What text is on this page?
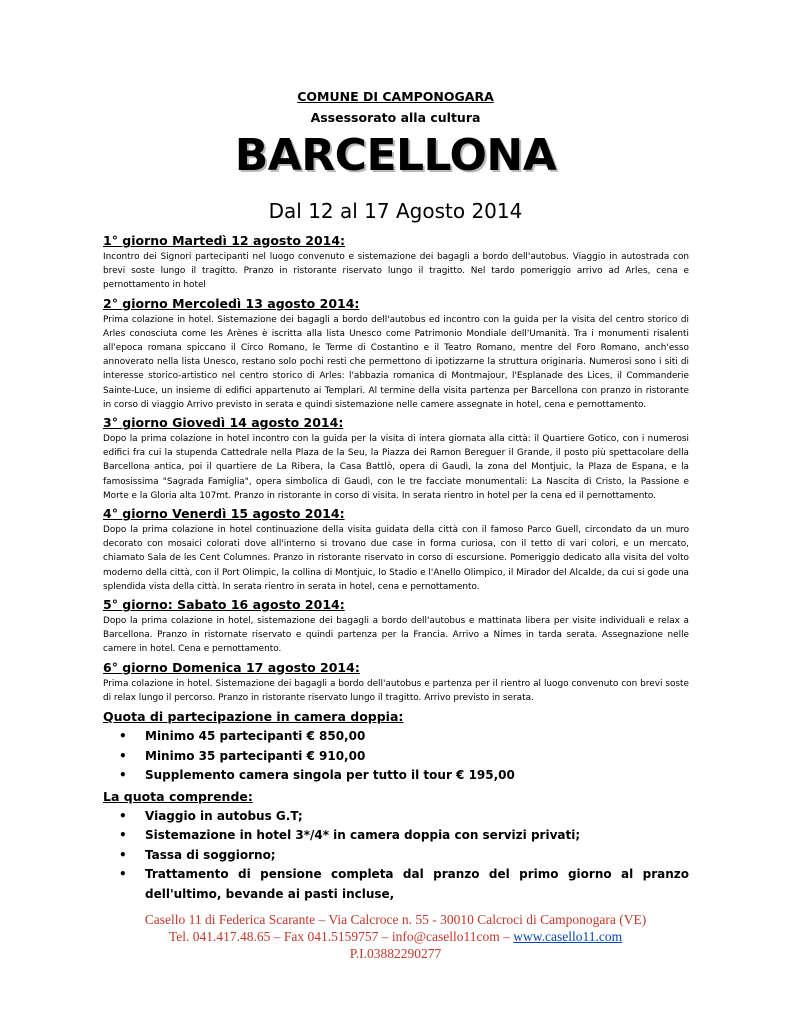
COMUNE DI CAMPONOGARA
Assessorato alla cultura
BARCELLONA
Dal 12 al 17 Agosto 2014
1° giorno Martedì 12 agosto 2014:
Incontro dei Signori partecipanti nel luogo convenuto e sistemazione dei bagagli a bordo dell'autobus. Viaggio in autostrada con brevi soste lungo il tragitto. Pranzo in ristorante riservato lungo il tragitto. Nel tardo pomeriggio arrivo ad Arles, cena e pernottamento in hotel
2° giorno Mercoledì 13 agosto 2014:
Prima colazione in hotel. Sistemazione dei bagagli a bordo dell'autobus ed incontro con la guida per la visita del centro storico di Arles conosciuta come les Arènes è iscritta alla lista Unesco come Patrimonio Mondiale dell'Umanità. Tra i monumenti risalenti all'epoca romana spiccano il Circo Romano, le Terme di Costantino e il Teatro Romano, mentre del Foro Romano, anch'esso annoverato nella lista Unesco, restano solo pochi resti che permettono di ipotizzarne la struttura originaria. Numerosi sono i siti di interesse storico-artistico nel centro storico di Arles: l'abbazia romanica di Montmajour, l'Esplanade des Lices, il Commanderie Sainte-Luce, un insieme di edifici appartenuto ai Templari. Al termine della visita partenza per Barcellona con pranzo in ristorante in corso di viaggio Arrivo previsto in serata e quindi sistemazione nelle camere assegnate in hotel, cena e pernottamento.
3° giorno Giovedì 14 agosto 2014:
Dopo la prima colazione in hotel incontro con la guida per la visita di intera giornata alla città: il Quartiere Gotico, con i numerosi edifici fra cui la stupenda Cattedrale nella Plaza de la Seu, la Piazza dei Ramon Bereguer il Grande, il posto più spettacolare della Barcellona antica, poi il quartiere de La Ribera, la Casa Battlò, opera di Gaudì, la zona del Montjuic, la Plaza de Espana, e la famosissima "Sagrada Famiglia", opera simbolica di Gaudì, con le tre facciate monumentali: La Nascita di Cristo, la Passione e Morte e la Gloria alta 107mt. Pranzo in ristorante in corso di visita. In serata rientro in hotel per la cena ed il pernottamento.
4° giorno Venerdì 15 agosto 2014:
Dopo la prima colazione in hotel continuazione della visita guidata della città con il famoso Parco Guell, circondato da un muro decorato con mosaici colorati dove all'interno si trovano due case in forma curiosa, con il tetto di vari colori, e un mercato, chiamato Sala de les Cent Columnes. Pranzo in ristorante riservato in corso di escursione. Pomeriggio dedicato alla visita del volto moderno della città, con il Port Olimpic, la collina di Montjuic, lo Stadio e l'Anello Olimpico, il Mirador del Alcalde, da cui si gode una splendida vista della città. In serata rientro in serata in hotel, cena e pernottamento.
5° giorno: Sabato 16 agosto 2014:
Dopo la prima colazione in hotel, sistemazione dei bagagli a bordo dell'autobus e mattinata libera per visite individuali e relax a Barcellona. Pranzo in ristornate riservato e quindi partenza per la Francia. Arrivo a Nimes in tarda serata. Assegnazione nelle camere in hotel. Cena e pernottamento.
6° giorno Domenica 17 agosto 2014:
Prima colazione in hotel. Sistemazione dei bagagli a bordo dell'autobus e partenza per il rientro al luogo convenuto con brevi soste di relax lungo il percorso. Pranzo in ristorante riservato lungo il tragitto. Arrivo previsto in serata.
Quota di partecipazione in camera doppia:
• Minimo 45 partecipanti € 850,00
• Minimo 35 partecipanti € 910,00
• Supplemento camera singola per tutto il tour € 195,00
La quota comprende:
• Viaggio in autobus G.T;
• Sistemazione in hotel 3*/4* in camera doppia con servizi privati;
• Tassa di soggiorno;
• Trattamento di pensione completa dal pranzo del primo giorno al pranzo dell'ultimo, bevande ai pasti incluse,
Casello 11 di Federica Scarante – Via Calcroce n. 55 - 30010 Calcroci di Camponogara (VE)
Tel. 041.417.48.65 – Fax 041.5159757 – info@casello11com – www.casello11.com
P.I.03882290277
